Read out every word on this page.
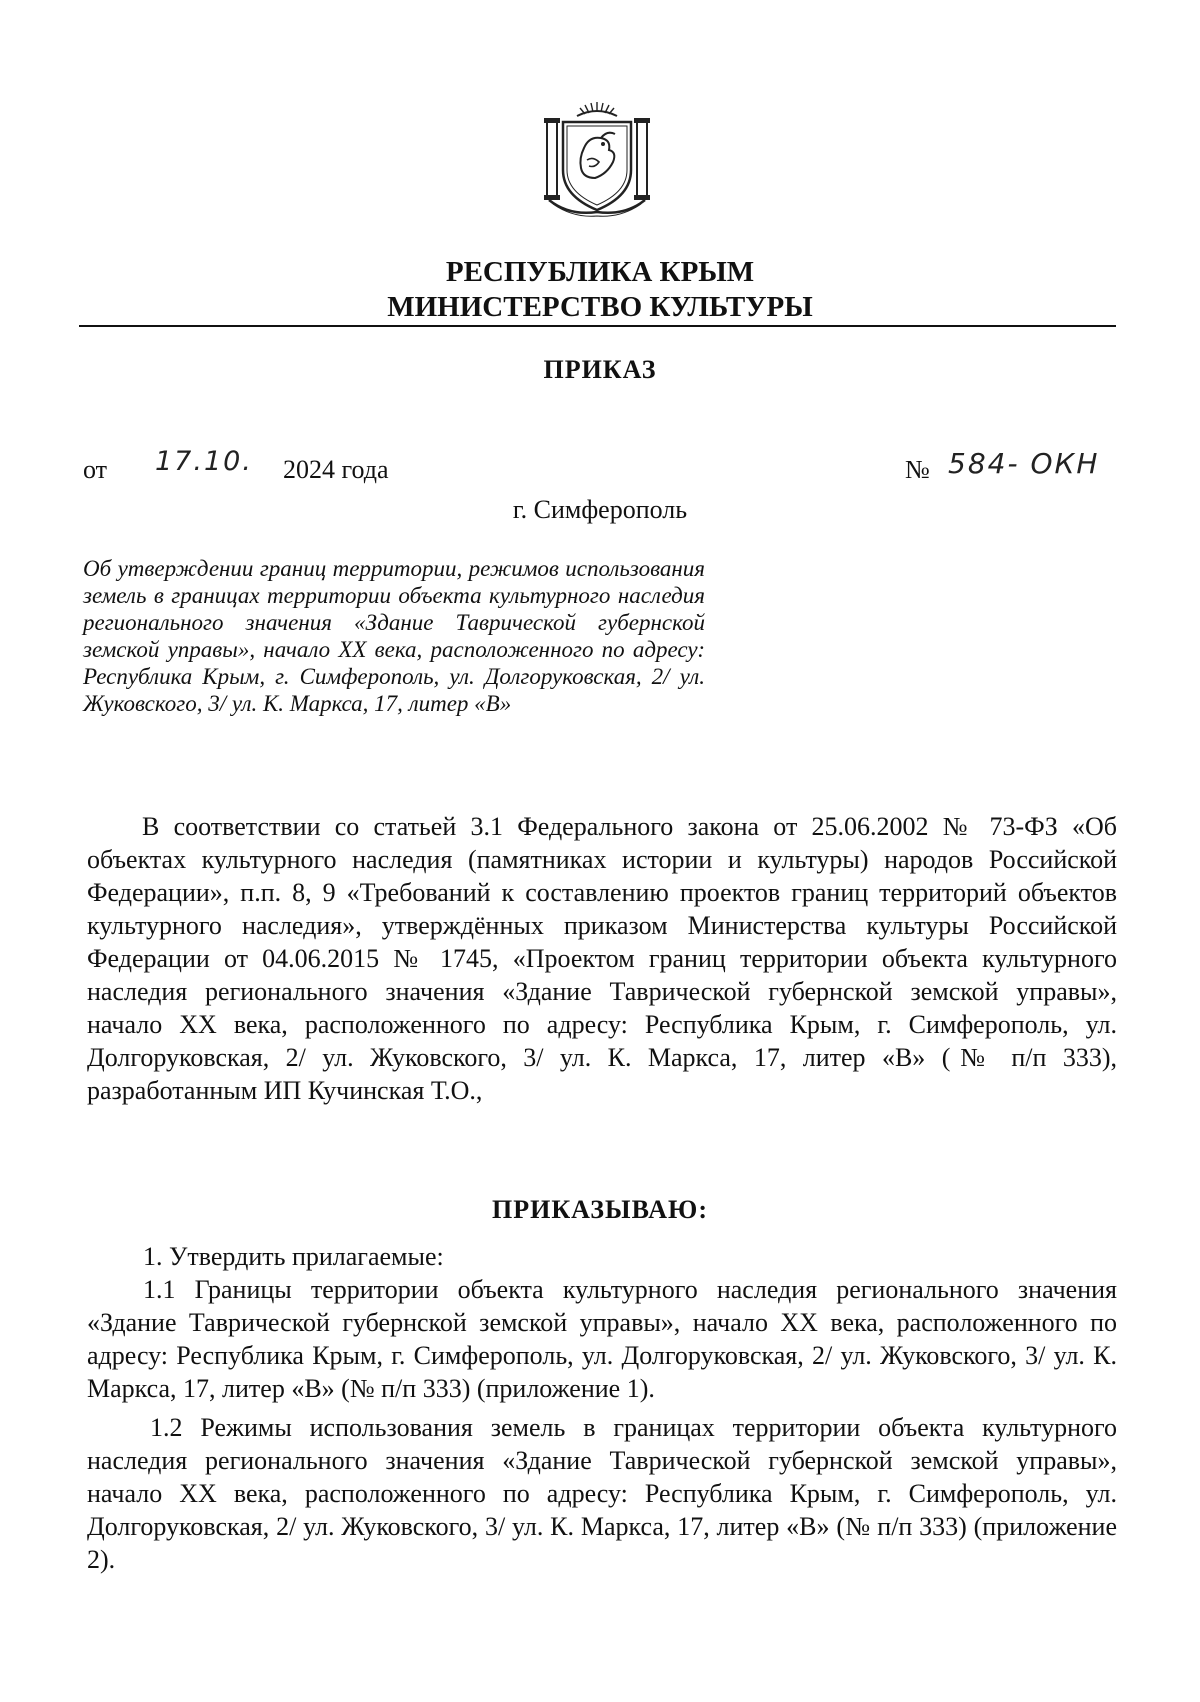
РЕСПУБЛИКА КРЫМ
МИНИСТЕРСТВО КУЛЬТУРЫ
ПРИКАЗ
от 17.10. 2024 года	№ 584- ОКН
г. Симферополь
Об утверждении границ территории, режимов использования земель в границах территории объекта культурного наследия регионального значения «Здание Таврической губернской земской управы», начало XX века, расположенного по адресу: Республика Крым, г. Симферополь, ул. Долгоруковская, 2/ ул. Жуковского, 3/ ул. К. Маркса, 17, литер «В»
В соответствии со статьей 3.1 Федерального закона от 25.06.2002 № 73-ФЗ «Об объектах культурного наследия (памятниках истории и культуры) народов Российской Федерации», п.п. 8, 9 «Требований к составлению проектов границ территорий объектов культурного наследия», утверждённых приказом Министерства культуры Российской Федерации от 04.06.2015 № 1745, «Проектом границ территории объекта культурного наследия регионального значения «Здание Таврической губернской земской управы», начало XX века, расположенного по адресу: Республика Крым, г. Симферополь, ул. Долгоруковская, 2/ ул. Жуковского, 3/ ул. К. Маркса, 17, литер «В» (№ п/п 333), разработанным ИП Кучинская Т.О.,
ПРИКАЗЫВАЮ:

1. Утвердить прилагаемые:

1.1 Границы территории объекта культурного наследия регионального значения «Здание Таврической губернской земской управы», начало XX века, расположенного по адресу: Республика Крым, г. Симферополь, ул. Долгоруковская, 2/ ул. Жуковского, 3/ ул. К. Маркса, 17, литер «В» (№ п/п 333) (приложение 1).

1.2 Режимы использования земель в границах территории объекта культурного наследия регионального значения «Здание Таврической губернской земской управы», начало XX века, расположенного по адресу: Республика Крым, г. Симферополь, ул. Долгоруковская, 2/ ул. Жуковского, 3/ ул. К. Маркса, 17, литер «В» (№ п/п 333) (приложение 2).
